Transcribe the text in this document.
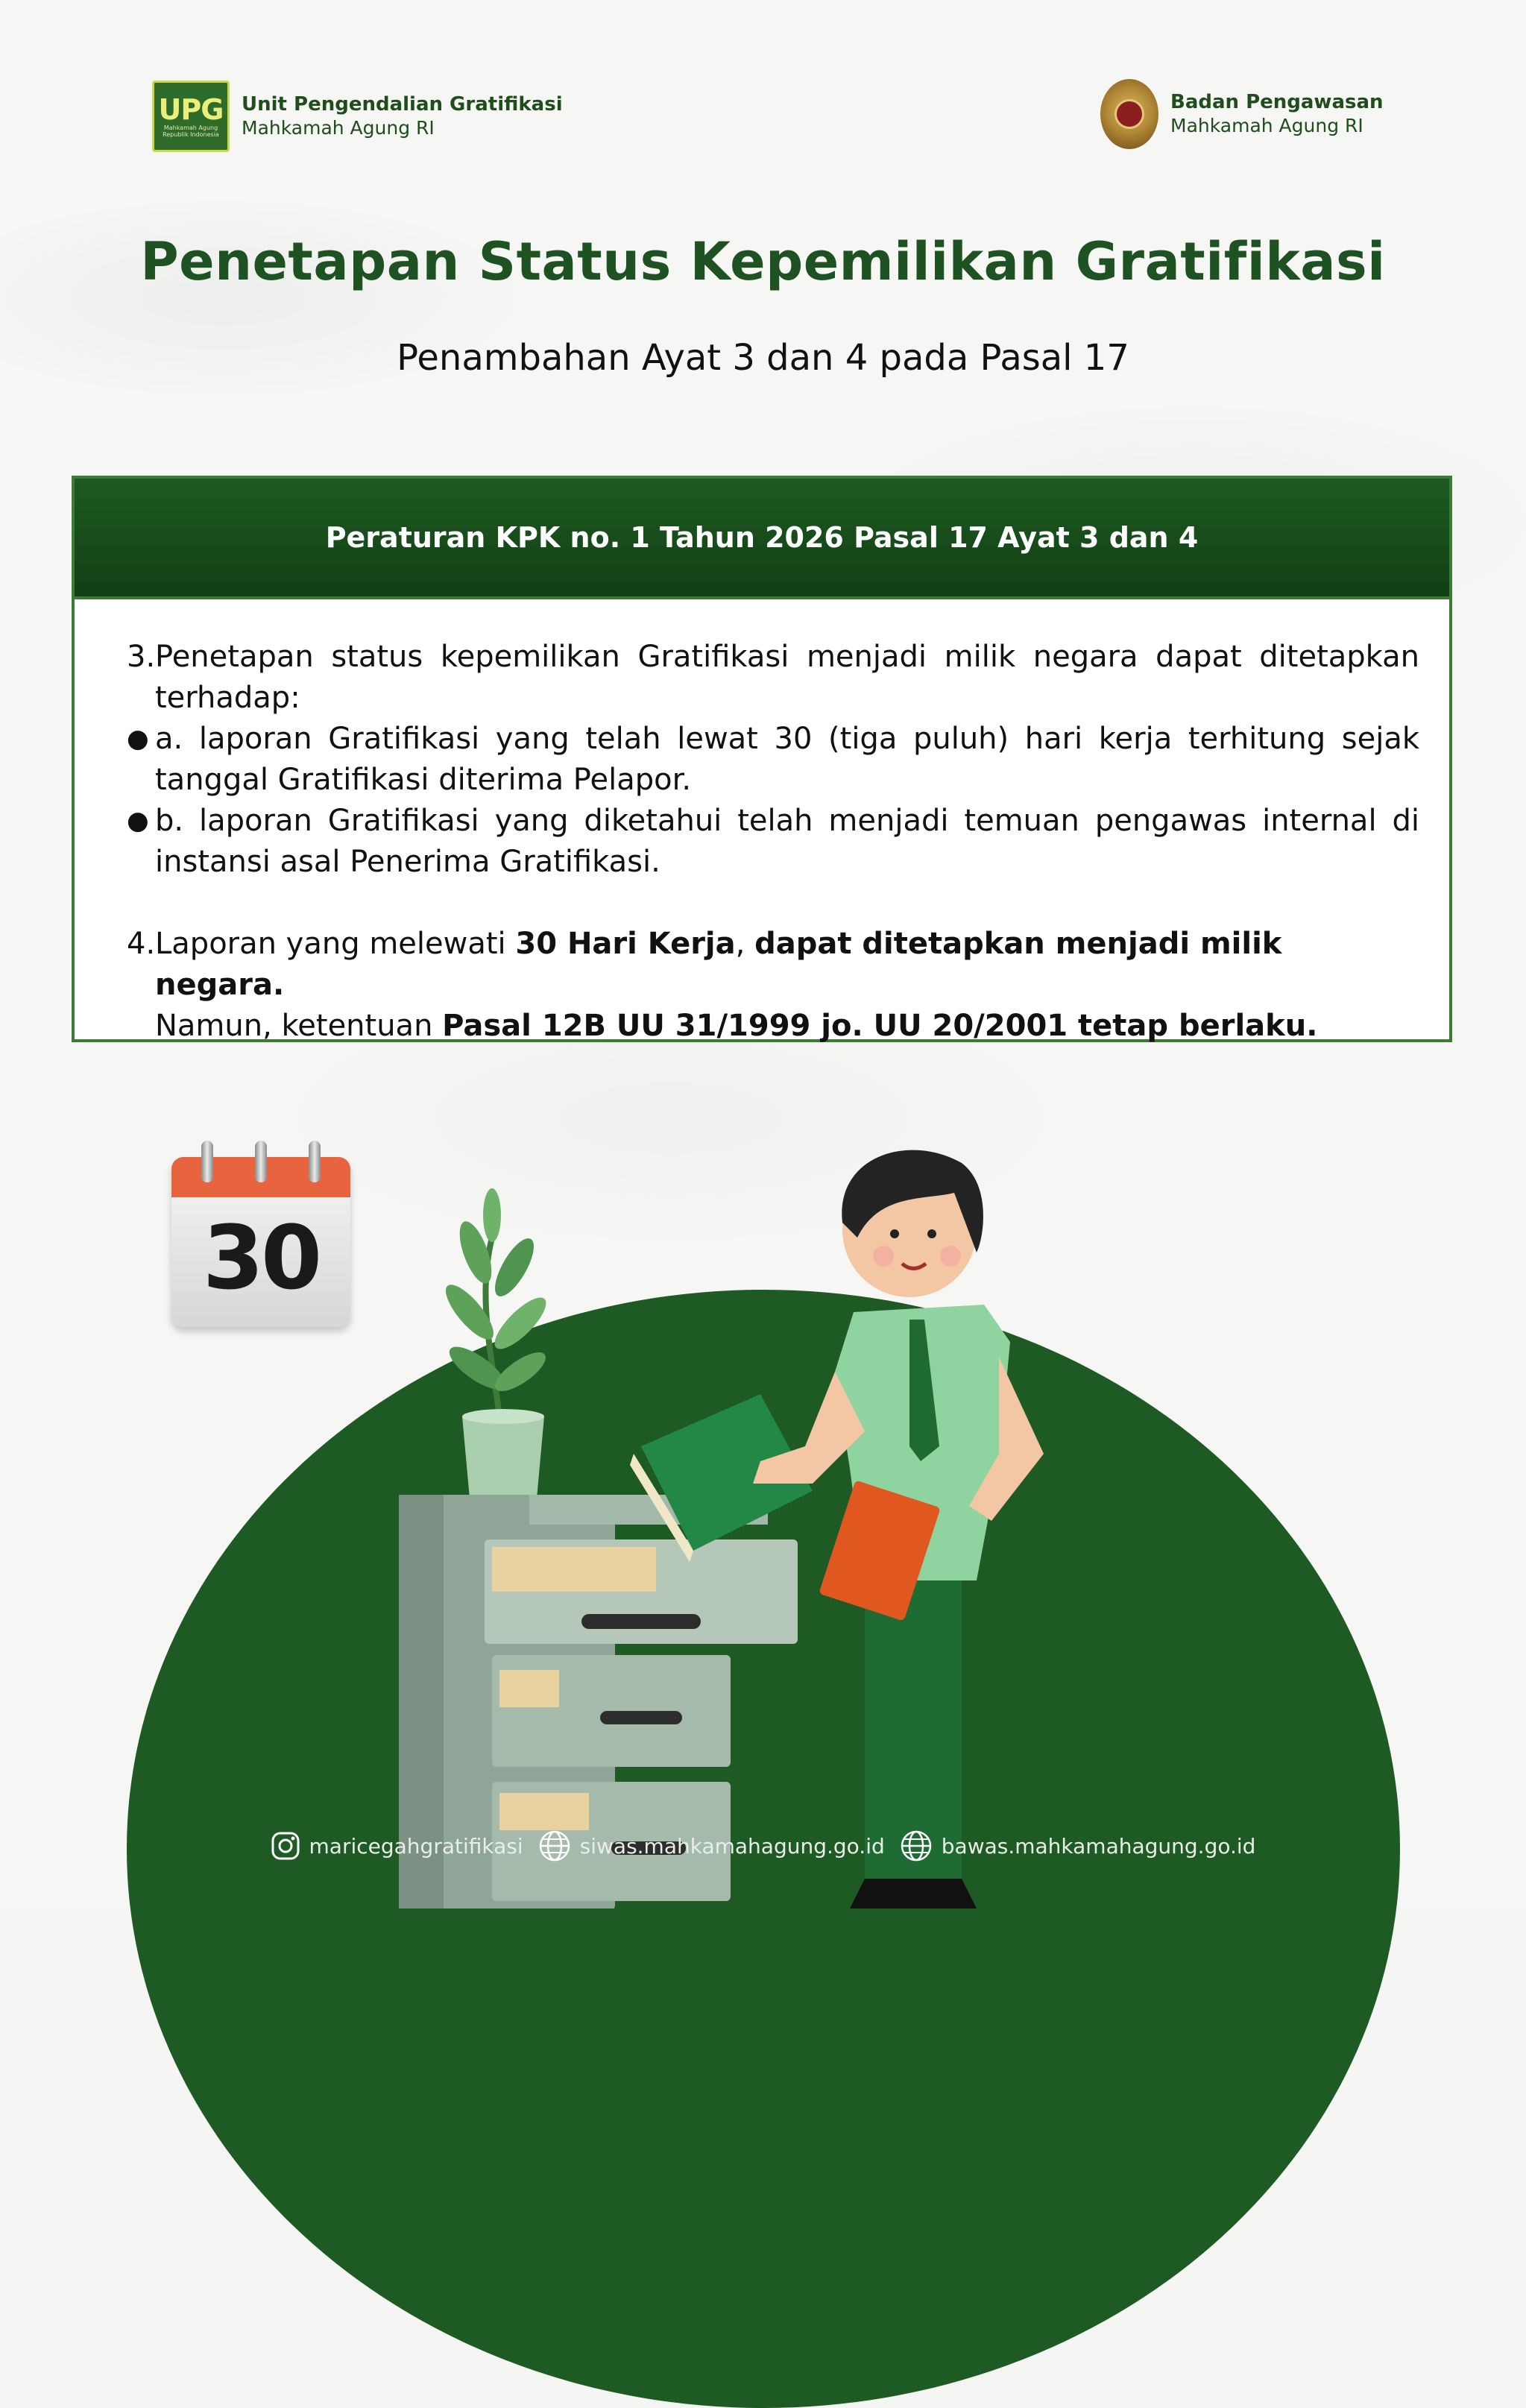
UPG
Mahkamah Agung Republik Indonesia
Unit Pengendalian Gratifikasi
Mahkamah Agung RI
Badan Pengawasan
Mahkamah Agung RI
Penetapan Status Kepemilikan Gratifikasi
Penambahan Ayat 3 dan 4 pada Pasal 17
Peraturan KPK no. 1 Tahun 2026 Pasal 17 Ayat 3 dan 4
3. Penetapan status kepemilikan Gratifikasi menjadi milik negara dapat ditetapkan terhadap:
● a. laporan Gratifikasi yang telah lewat 30 (tiga puluh) hari kerja terhitung sejak tanggal Gratifikasi diterima Pelapor.
● b. laporan Gratifikasi yang diketahui telah menjadi temuan pengawas internal di instansi asal Penerima Gratifikasi.
4. Laporan yang melewati 30 Hari Kerja, dapat ditetapkan menjadi milik negara.
Namun, ketentuan Pasal 12B UU 31/1999 jo. UU 20/2001 tetap berlaku.
30
maricegahgratifikasi	siwas.mahkamahagung.go.id	bawas.mahkamahagung.go.id
